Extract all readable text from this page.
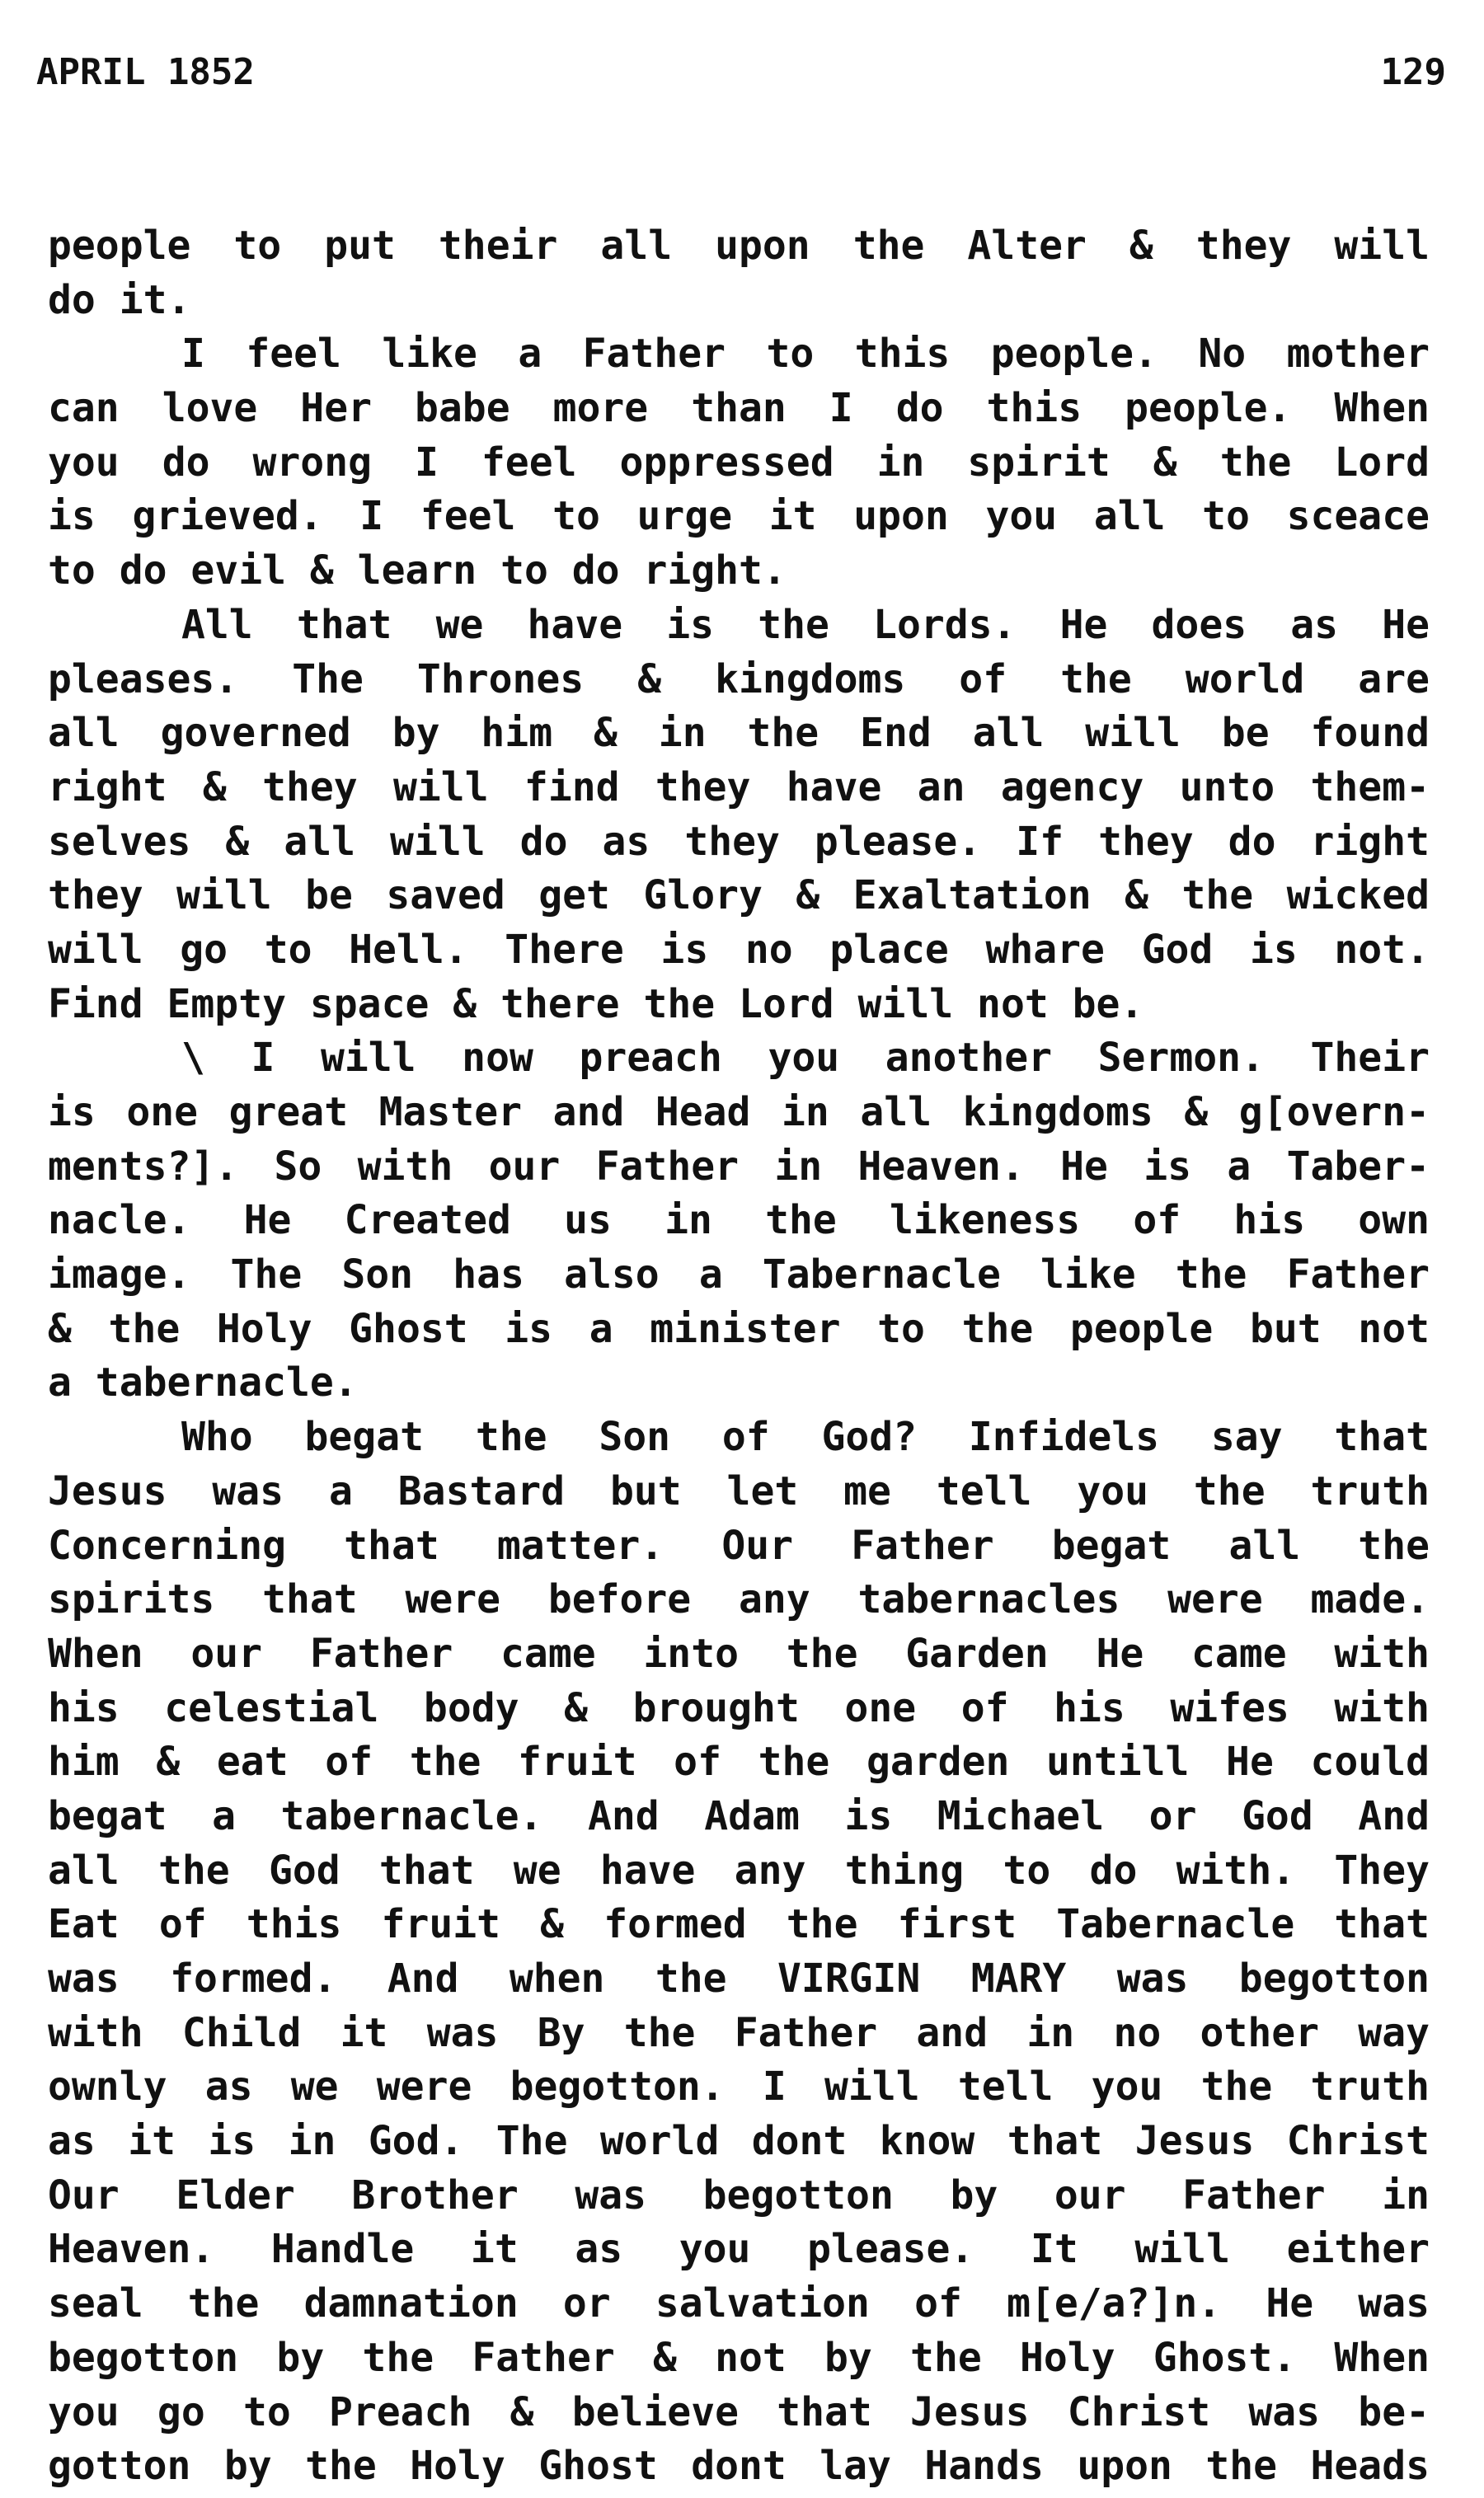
APRIL 1852	129
people to put their all upon the Alter & they will
do it.
I feel like a Father to this people. No mother
can love Her babe more than I do this people. When
you do wrong I feel oppressed in spirit & the Lord
is grieved. I feel to urge it upon you all to sceace
to do evil & learn to do right.
All that we have is the Lords. He does as He
pleases. The Thrones & kingdoms of the world are
all governed by him & in the End all will be found
right & they will find they have an agency unto them-
selves & all will do as they please. If they do right
they will be saved get Glory & Exaltation & the wicked
will go to Hell. There is no place whare God is not.
Find Empty space & there the Lord will not be.
\ I will now preach you another Sermon. Their
is one great Master and Head in all kingdoms & g[overn-
ments?]. So with our Father in Heaven. He is a Taber-
nacle. He Created us in the likeness of his own
image. The Son has also a Tabernacle like the Father
& the Holy Ghost is a minister to the people but not
a tabernacle.
Who begat the Son of God? Infidels say that
Jesus was a Bastard but let me tell you the truth
Concerning that matter. Our Father begat all the
spirits that were before any tabernacles were made.
When our Father came into the Garden He came with
his celestial body & brought one of his wifes with
him & eat of the fruit of the garden untill He could
begat a tabernacle. And Adam is Michael or God And
all the God that we have any thing to do with. They
Eat of this fruit & formed the first Tabernacle that
was formed. And when the VIRGIN MARY was begotton
with Child it was By the Father and in no other way
ownly as we were begotton. I will tell you the truth
as it is in God. The world dont know that Jesus Christ
Our Elder Brother was begotton by our Father in
Heaven. Handle it as you please. It will either
seal the damnation or salvation of m[e/a?]n. He was
begotton by the Father & not by the Holy Ghost. When
you go to Preach & believe that Jesus Christ was be-
gotton by the Holy Ghost dont lay Hands upon the Heads
